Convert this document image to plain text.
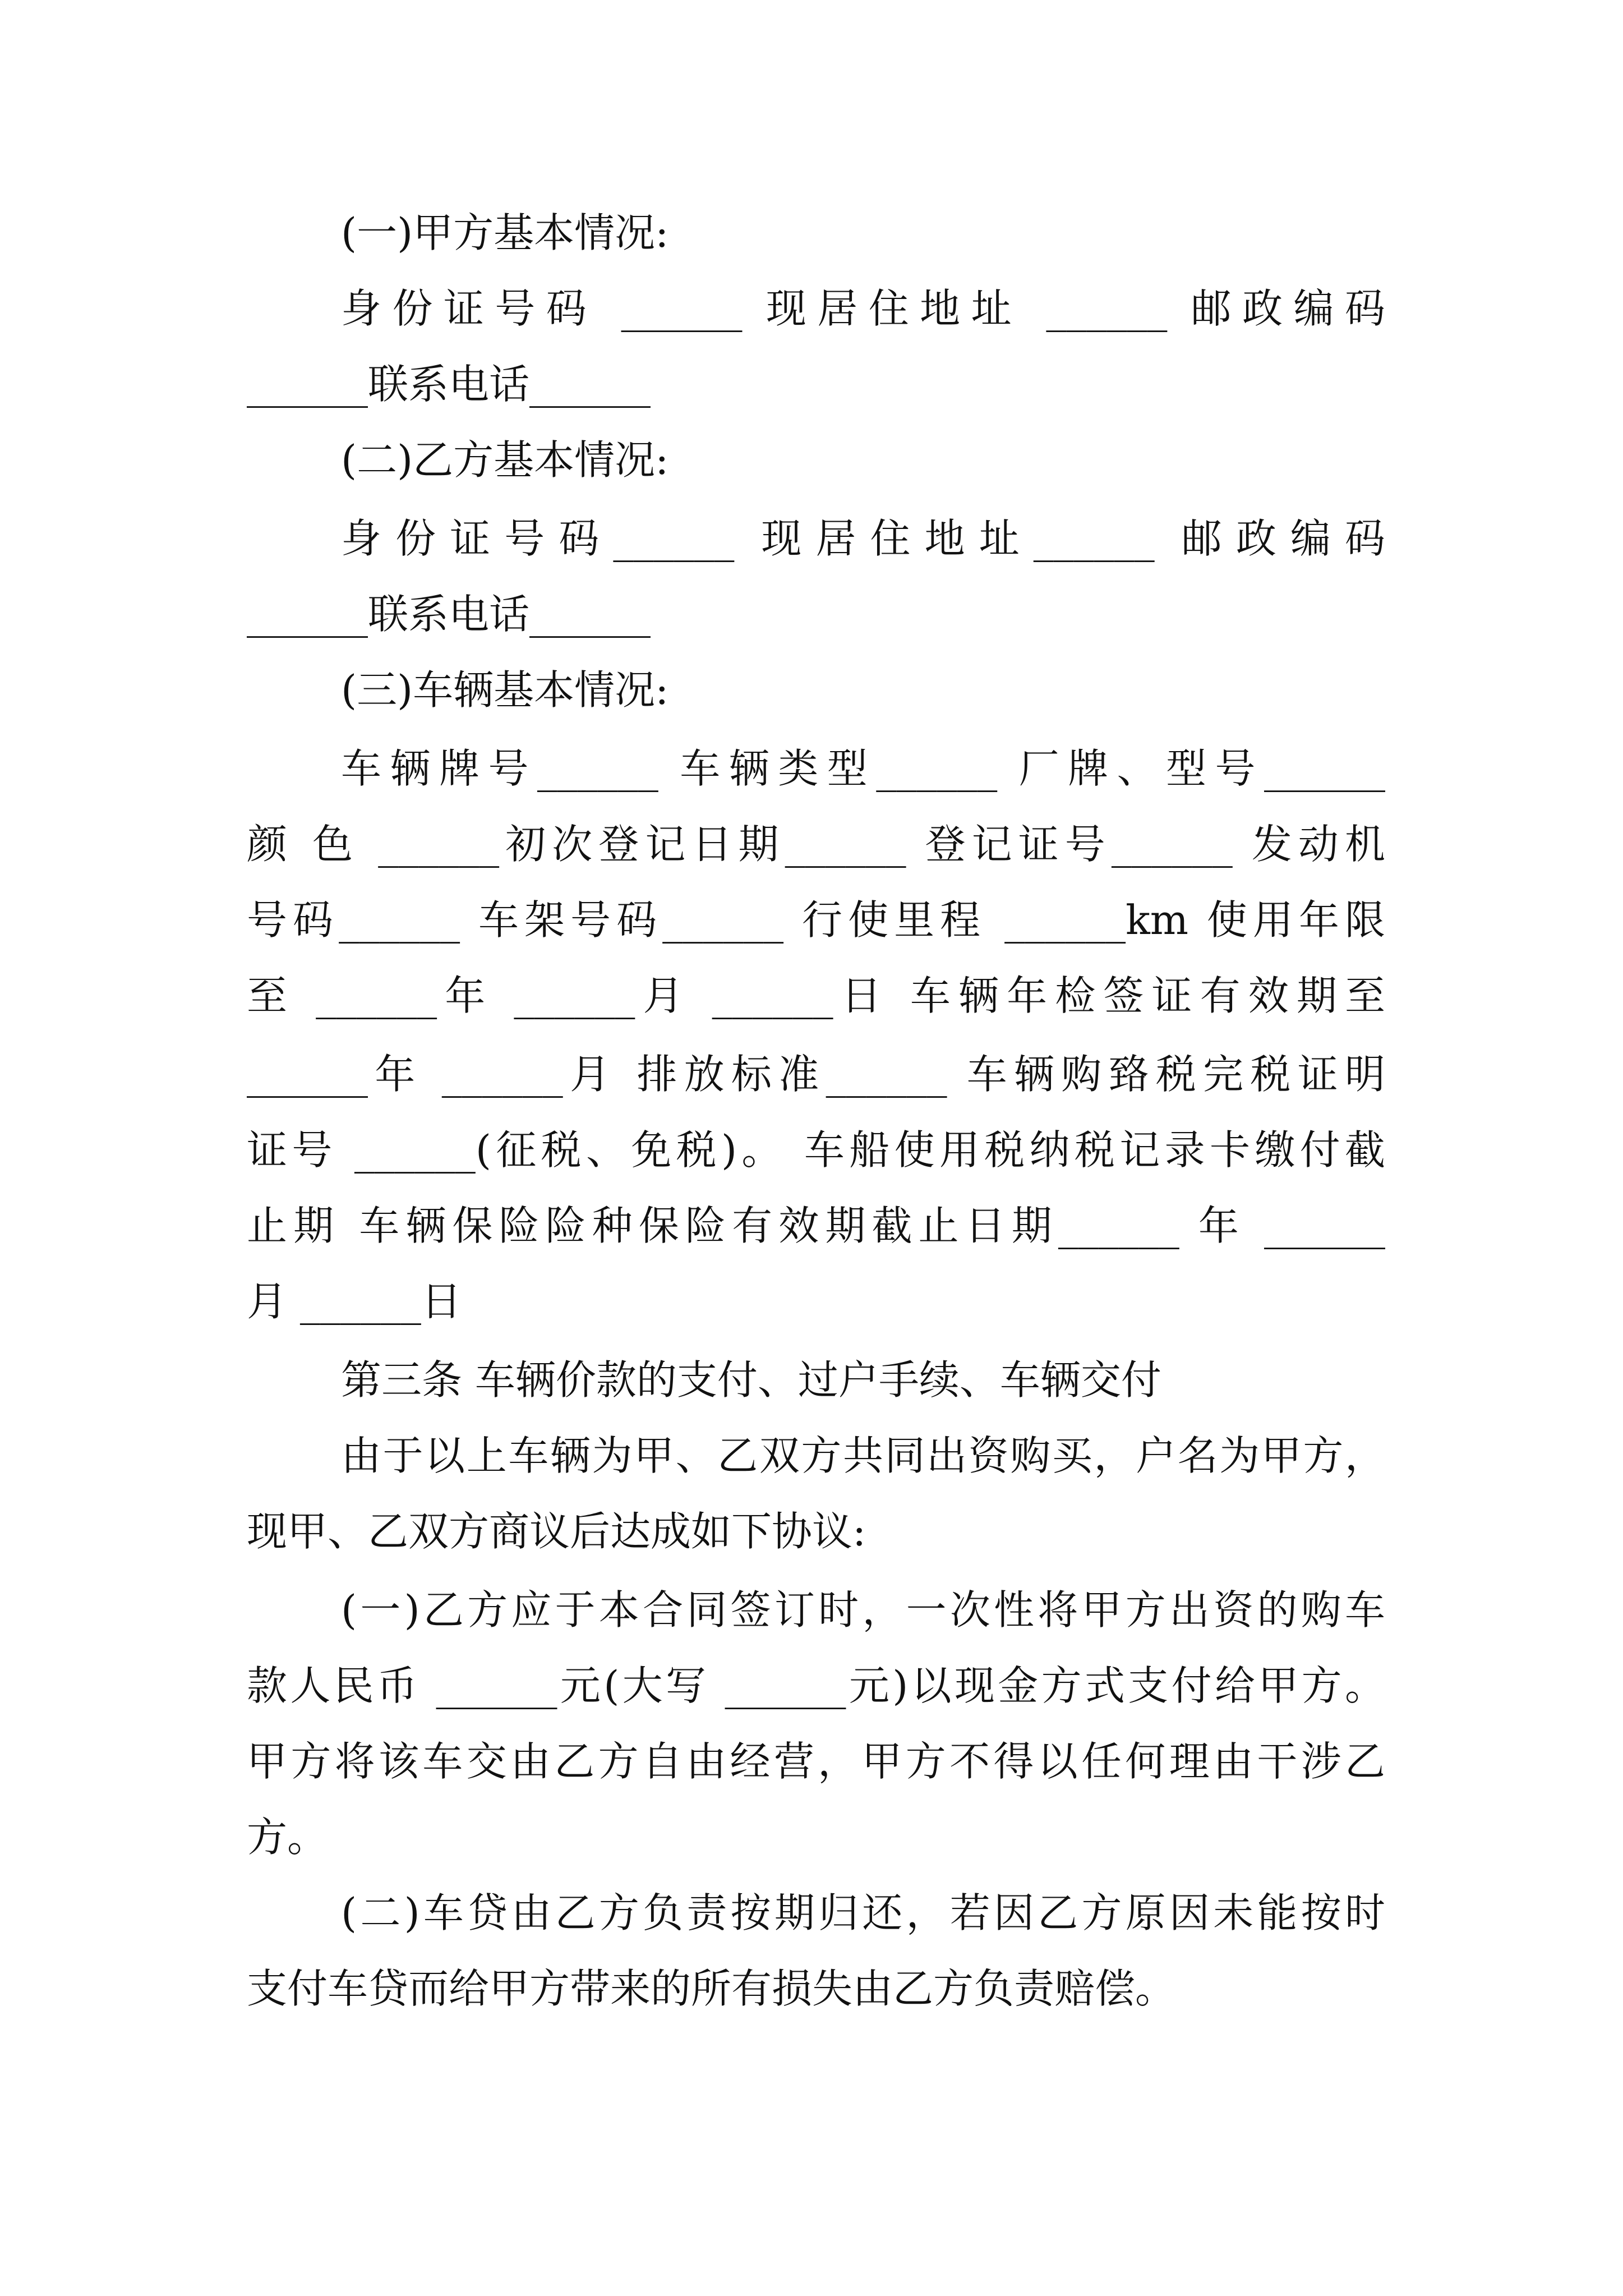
(一)甲方基本情况:
身份证号码 ______ 现居住地址 ______ 邮政编码
______联系电话______
(二)乙方基本情况:
身份证号码______ 现居住地址______ 邮政编码
______联系电话______
(三)车辆基本情况:
车辆牌号______ 车辆类型______ 厂牌、型号______
颜 色 ______初次登记日期______ 登记证号______ 发动机
号码______ 车架号码______ 行使里程 ______km 使用年限
至 ______年 ______月 ______日 车辆年检签证有效期至
______年 ______月 排放标准______ 车辆购臵税完税证明
证号 ______(征税、免税)。 车船使用税纳税记录卡缴付截
止期 车辆保险险种保险有效期截止日期______ 年 ______
月 ______日
第三条 车辆价款的支付、过户手续、车辆交付
由于以上车辆为甲、乙双方共同出资购买，户名为甲方，
现甲、乙双方商议后达成如下协议:
(一)乙方应于本合同签订时，一次性将甲方出资的购车
款人民币 ______元(大写 ______元)以现金方式支付给甲方。
甲方将该车交由乙方自由经营，甲方不得以任何理由干涉乙
方。
(二)车贷由乙方负责按期归还，若因乙方原因未能按时
支付车贷而给甲方带来的所有损失由乙方负责赔偿。
